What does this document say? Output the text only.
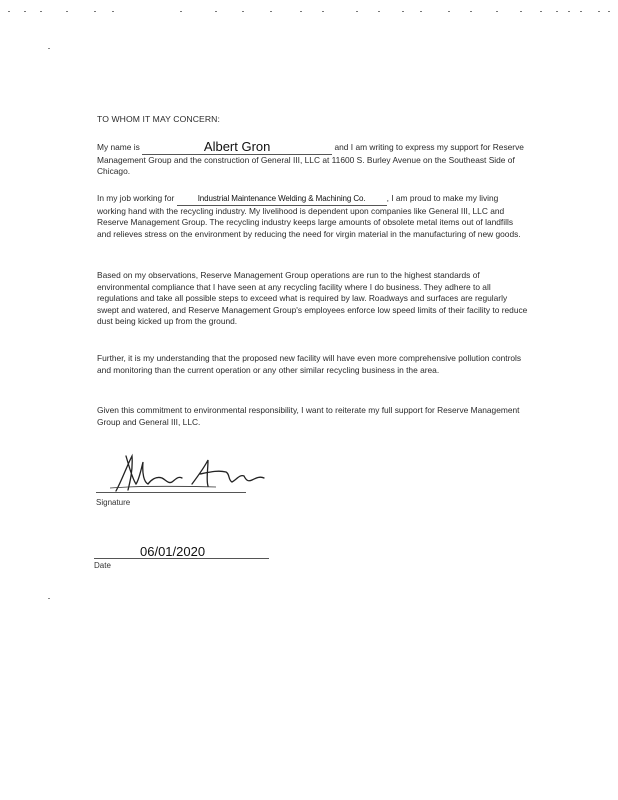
TO WHOM IT MAY CONCERN:
My name is	Albert Gron	and I am writing to express my support for Reserve Management Group and the construction of General III, LLC at 11600 S. Burley Avenue on the Southeast Side of Chicago.
In my job working for	Industrial Maintenance Welding & Machining Co.	, I am proud to make my living working hand with the recycling industry. My livelihood is dependent upon companies like General III, LLC and Reserve Management Group. The recycling industry keeps large amounts of obsolete metal items out of landfills and relieves stress on the environment by reducing the need for virgin material in the manufacturing of new goods.
Based on my observations, Reserve Management Group operations are run to the highest standards of environmental compliance that I have seen at any recycling facility where I do business. They adhere to all regulations and take all possible steps to exceed what is required by law. Roadways and surfaces are regularly swept and watered, and Reserve Management Group's employees enforce low speed limits of their facility to reduce dust being kicked up from the ground.
Further, it is my understanding that the proposed new facility will have even more comprehensive pollution controls and monitoring than the current operation or any other similar recycling business in the area.
Given this commitment to environmental responsibility, I want to reiterate my full support for Reserve Management Group and General III, LLC.
Signature
06/01/2020
Date
